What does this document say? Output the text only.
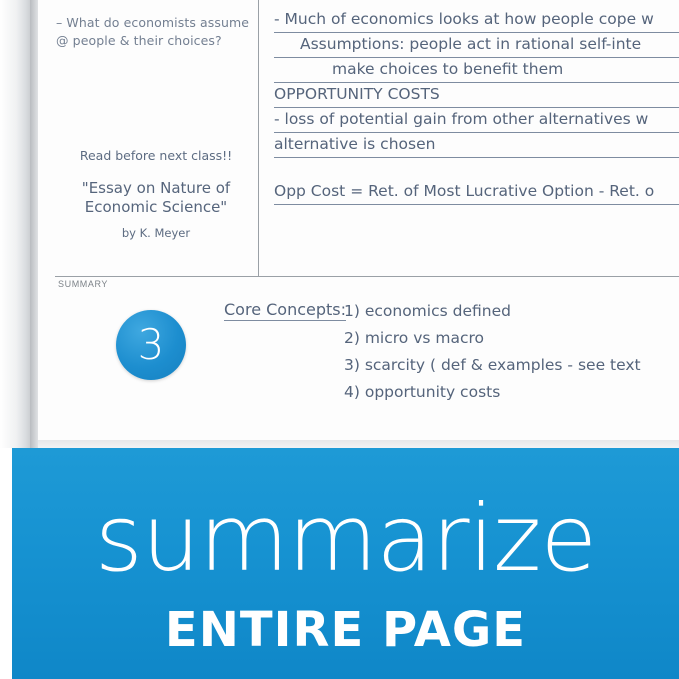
SUMMARY
– What do economists assume
@ people & their choices?
Read before next class!!
"Essay on Nature of
Economic Science"
by K. Meyer
- Much of economics looks at how people cope w
Assumptions: people act in rational self-inte
make choices to benefit them
OPPORTUNITY COSTS
- loss of potential gain from other alternatives w
alternative is chosen
Opp Cost = Ret. of Most Lucrative Option - Ret. o
3
Core Concepts:
1) economics defined
2) micro vs macro
3) scarcity ( def & examples - see text
4) opportunity costs
summarize
ENTIRE PAGE
